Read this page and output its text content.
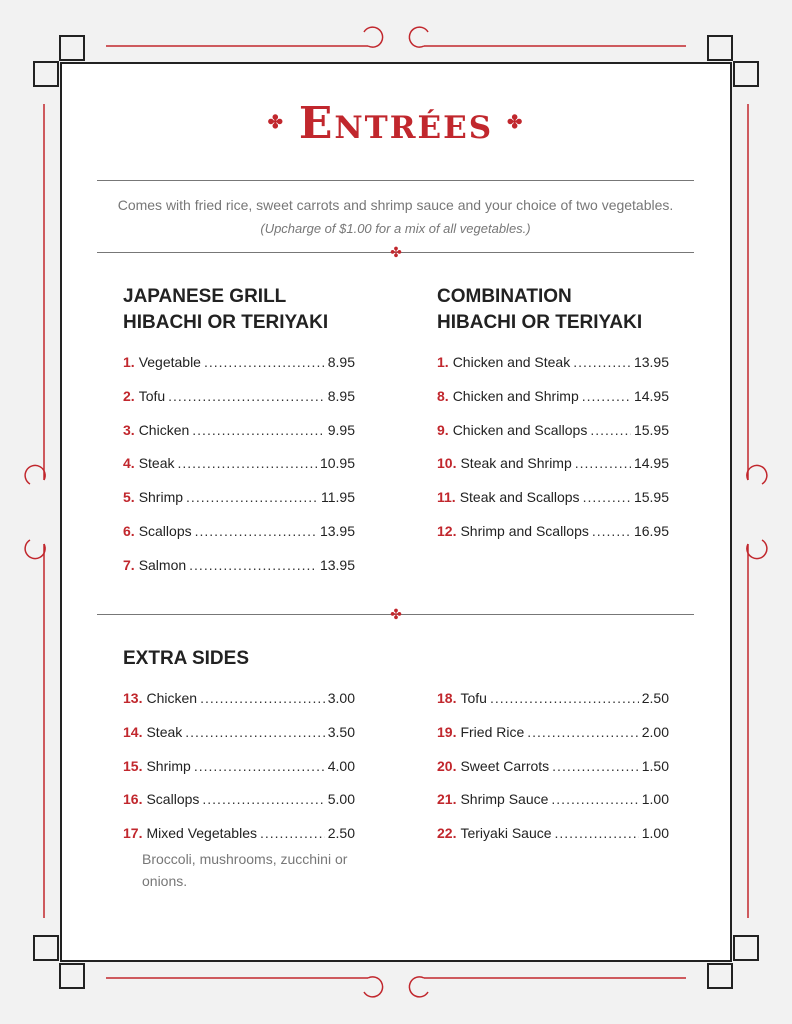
✤ Entrées ✤

Comes with fried rice, sweet carrots and shrimp sauce and your choice of two vegetables. (Upcharge of $1.00 for a mix of all vegetables.)

✤
JAPANESE GRILL
HIBACHI OR TERIYAKI
1. Vegetable .....	8.95
2. Tofu .....	8.95
3. Chicken .....	9.95
4. Steak .....	10.95
5. Shrimp .....	11.95
6. Scallops .....	13.95
7. Salmon .....	13.95
COMBINATION
HIBACHI OR TERIYAKI
1. Chicken and Steak .....	13.95
8. Chicken and Shrimp .....	14.95
9. Chicken and Scallops .....	15.95
10. Steak and Shrimp .....	14.95
11. Steak and Scallops .....	15.95
12. Shrimp and Scallops .....	16.95
✤
EXTRA SIDES
13. Chicken .....	3.00
14. Steak .....	3.50
15. Shrimp .....	4.00
16. Scallops .....	5.00
17. Mixed Vegetables .....	2.50

Broccoli, mushrooms, zucchini or onions.

18. Tofu .....	2.50
19. Fried Rice .....	2.00
20. Sweet Carrots .....	1.50
21. Shrimp Sauce .....	1.00
22. Teriyaki Sauce .....	1.00
